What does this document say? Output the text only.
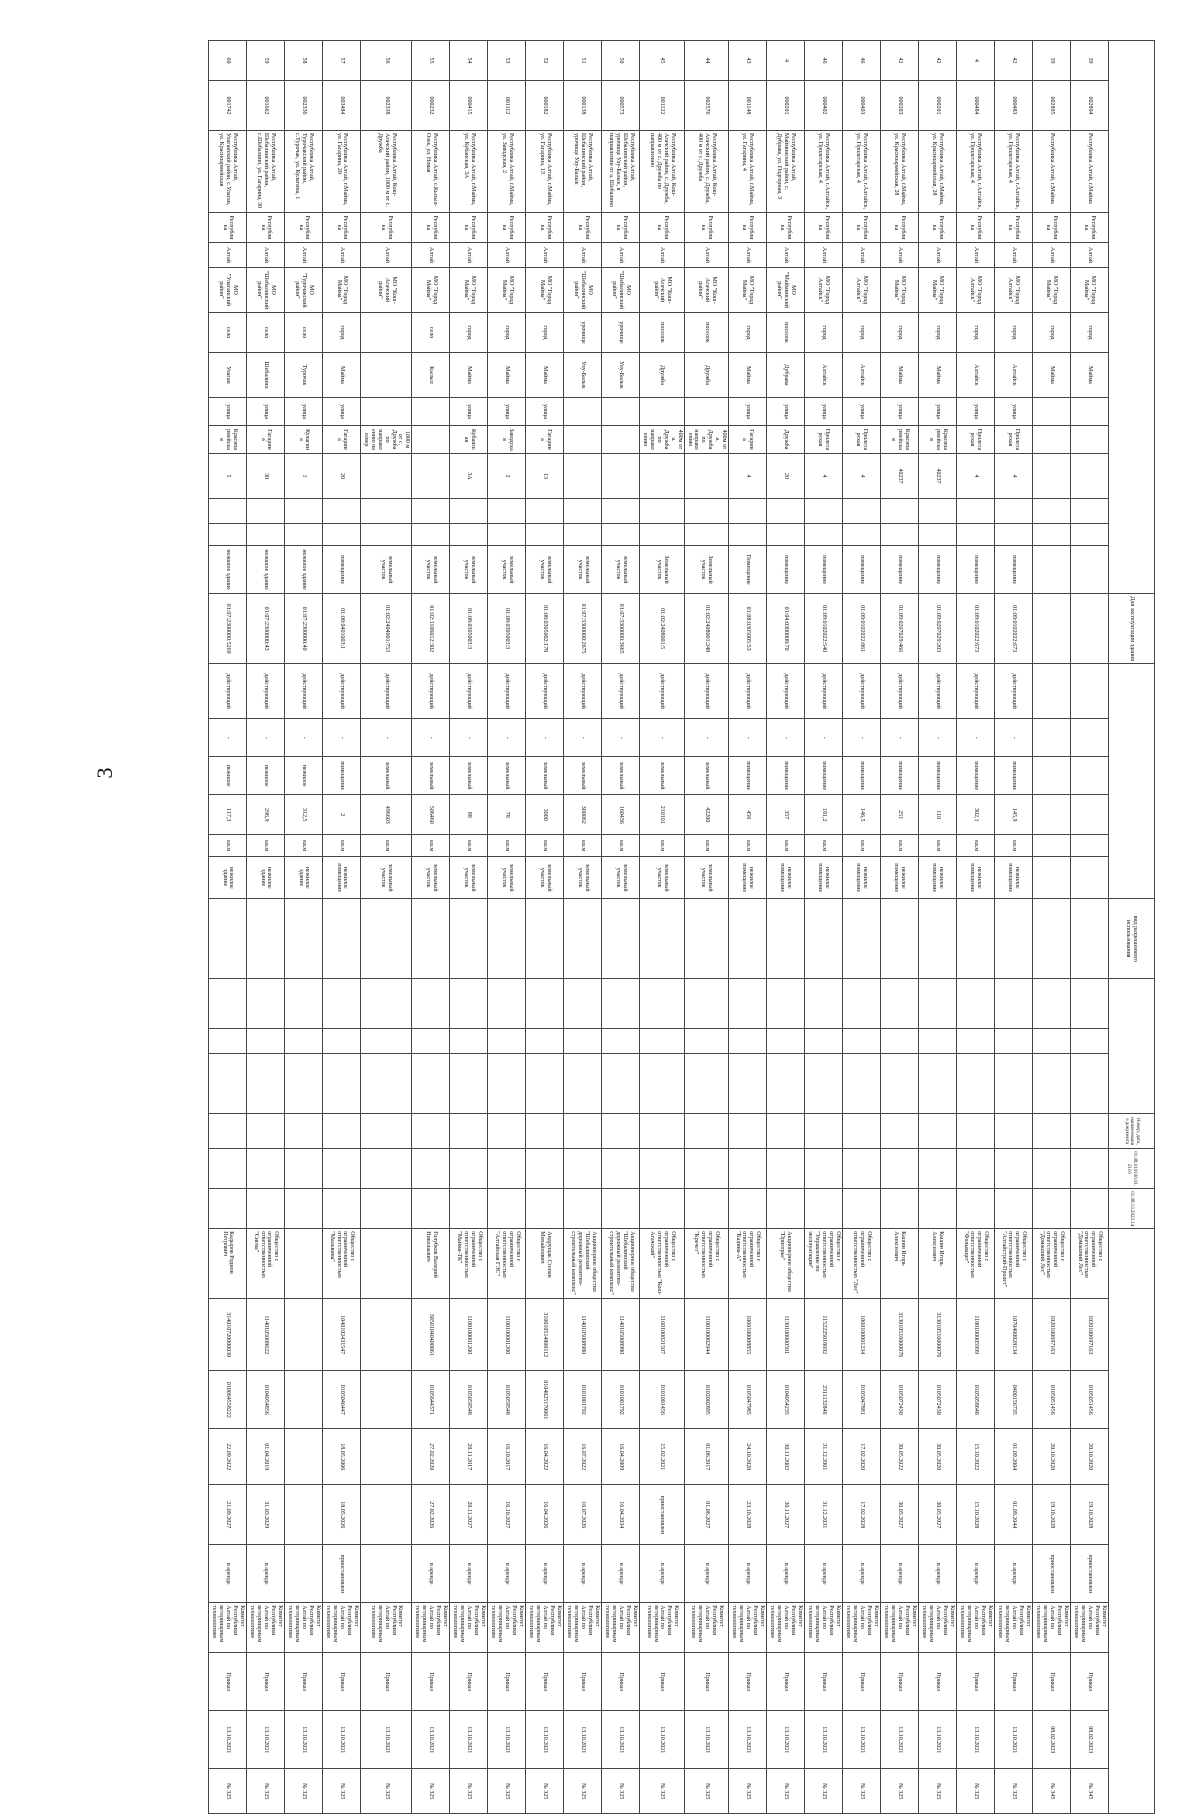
3
														Для эксплуатации здания							вид разрешенного использования				Номер, дата, наименование документа	01.08.010100.01.2110	01.08.13.2022.14										
39	002894	Республика Алтай, г.Майма	Республика	Алтай	МО "Город Майма"	город	Майма																					Общество с ограниченной ответственностью "Домашний Лес"	1020100697163	0105051456	20.10.2020	19.10.2028	приостановлен	Комитет Республики Алтай по ветеринарным технологиям	Приказ	08.02.2023	№ 345
39	002895	Республика Алтай, г.Майма	Республика	Алтай	МО "Город Майма"	город	Майма																					Общество с ограниченной ответственностью "Домашний Лес"	1020100697163	0105051456	20.10.2020	19.10.2028	приостановлен	Комитет Республики Алтай по ветеринарным технологиям	Приказ	08.02.2023	№ 345
42	000483	Республика Алтай, г.Алтайск, ул. Пролетарская, 4	Республика	Алтай	МО "Город Алтайск"	город	Алтайск	улица	Пролетарская	4			помещение	01:09:0102022:673	действующий	-	помещение	145,9	кв.м	нежилое помещение								Общество с ограниченной ответственностью "Алтайстрой-Пролет"	1070400028134	0400156735	01.09.2004	01.09.2044	в аренде	Комитет Республики Алтай по ветеринарным технологиям	Приказ	13.10.2021	№ 325
4	000484	Республика Алтай, г.Алтайск, ул. Пролетарская, 4	Республика	Алтай	МО "Город Алтайск"	город	Алтайск	улица	Пролетарская	4			помещение	01:09:0102022:673	действующий	-	помещение	302,1	кв.м	нежилое помещение								Общество с ограниченной ответственностью "Фольвацет"	1180100005999	0105058648	15.10.2022	15.10.2028	в аренде	Комитет Республики Алтай по ветеринарным технологиям	Приказ	13.10.2021	№ 325
42	000201	Республика Алтай, г.Майма, ул. Красноармейская, 28	Республика	Алтай	МО "Город Майма"	город	Майма	улица	Красноармейская	40237			помещение	01:09:0207029:203	действующий	-	помещение	110	кв.м	нежилое помещение								Кашин Игорь Алексеевич	313010516000076	0105072430	30.05.2020	30.05.2027	в аренде	Комитет Республики Алтай по ветеринарным технологиям	Приказ	13.10.2021	№ 325
42	000203	Республика Алтай, г.Майма, ул. Красноармейская, 28	Республика	Алтай	МО "Город Майма"	город	Майма	улица	Красноармейская	40237			помещение	01:09:0207029:466	действующий	-	помещение	251	кв.м	нежилое помещение								Кашин Игорь Алексеевич	313010516000076	0105072430	30.05.2022	30.05.2027	в аренде	Комитет Республики Алтай по ветеринарным технологиям	Приказ	13.10.2021	№ 325
46	000403	Республика Алтай, г.Алтайск, ул. Пролетарская, 4	Республика	Алтай	МО "Город Алтайск"	город	Алтайск	улица	Пролетарская	4			помещение	01:09:0102022:861	действующий	-	помещение	146,5	кв.м	нежилое помещение								Общество с ограниченной ответственностью "Лес"	1060100001234	0105047881	17.02.2020	17.02.2028	в аренде	Комитет Республики Алтай по ветеринарным технологиям	Приказ	13.10.2021	№ 325
46	000402	Республика Алтай, г.Алтайск, ул. Пролетарская, 4	Республика	Алтай	МО "Город Алтайск"	город	Алтайск	улица	Пролетарская	4			помещение	01:09:0102022:540	действующий	-	помещение	181,2	кв.м	нежилое помещение								Общество с ограниченной ответственностью "Управление по эксплуатации"	1152225018692	2311132846	31.12.2001	31.12.2031	в аренде	Комитет Республики Алтай по ветеринарным технологиям	Приказ	13.10.2021	№ 325
4	000201	Республика Алтай, Майминский район, с. Дубрава, ул. Подгорная, 3	Республика	Алтай	МО "Майминский район"	поселок	Дубрава	улица	Дружба	20			помещение	01:04:0300008:70	действующий	-	помещение	357	кв.м	нежилое помещение								Акционерное общество "Пригорье"	1130100000501	0104054235	30.11.2002	30.11.2027	в аренде	Комитет Республики Алтай по ветеринарным технологиям	Приказ	13.10.2021	№ 325
43	001148	Республика Алтай, г.Майма, ул. Гагарина, 4	Республика	Алтай	МО "Город Майма"	город	Майма	улица	Гагарина	4			Помещение	01:08:0305005:53	действующий	-	помещение	456	кв.м	нежилое помещение								Общество с ограниченной ответственностью "Калина-А"	1060100008855	0105047985	24.10.2020	23.10.2028	в аренде	Комитет Республики Алтай по ветеринарным технологиям	Приказ	13.10.2021	№ 325
44	002576	Республика Алтай, Кош-Агачский район, с. Дружба, 400 м от с. Дружба	Республика	Алтай	МО "Кош-Агачский район"	поселок	Дружба		400м от а. Дружба по направлению				Земельный участок	01:02:2408001:248	действующий	-	земельный	42200	кв.м	земельный участок								Общество с ограниченной ответственностью "Кречет"	1100100002944	0102002895	01.06.2017	01.06.2027	в аренде	Комитет Республики Алтай по ветеринарным технологиям	Приказ	13.10.2021	№ 325
45	001122	Республика Алтай, Кош-Агачский район, с. Дружба, 400 м от с. Дружба по направлению	Республика	Алтай	МО "Кош-Агачский район"	поселок	Дружба		400м от а. Дружба по направлению				Земельный участок	01:02:2408001:5	действующий	-	земельный	210101	кв.м	земельный участок								Общество с ограниченной ответственностью "Кош-Агачский"	1160100021507	0101001456	15.02.2021	приостановлен	в аренде	Комитет Республики Алтай по ветеринарным технологиям	Приказ	13.10.2021	№ 325
50	000573	Республика Алтай, Шебалинский район, урочище Улу-Балык, в направлении от а. Шебалино	Республика	Алтай	МО "Шебалинский район"	урочище	Улу-Балык						земельный участок	01:07:3300000:3665	действующий	-	земельный	160436	кв.м	земельный участок								Акционерное общество "Шебалинский дорожный ремонтно-строительный комплекс"	1140105008980	0101001792	16.04.2009	16.04.2034	в аренде	Комитет Республики Алтай по ветеринарным технологиям	Приказ	13.10.2021	№ 325
51	000138	Республика Алтай, Шебалинский район, урочище Улу-Балык	Республика	Алтай	МО "Шебалинский район"	урочище	Улу-Балык						земельный участок	01:07:3300000:2675	действующий	-	земельный	300062	кв.м	земельный участок								Акционерное общество "Шебалинский дорожный ремонтно-строительный комплекс"	1140105008980	0101001792	16.07.2022	16.07.2026	в аренде	Комитет Республики Алтай по ветеринарным технологиям	Приказ	13.10.2021	№ 325
52	000182	Республика Алтай, г.Майма, ул. Гагарина, 13	Республика	Алтай	МО "Город Майма"	город	Майма	улица	Гагарина	13			земельный участок	01:08:0305002:178	действующий	-	земельный	3000	кв.м	земельный участок								Андрущак Степан Михайлович	310010514800112	0104025170061	16.04.2022	16.04.2026	в аренде	Комитет Республики Алтай по ветеринарным технологиям	Приказ	13.10.2021	№ 325
53	001112	Республика Алтай, г.Майма, ул. Заводская, 2	Республика	Алтай	МО "Город Майма"	город	Майма	улица	Заводская	2			земельный участок	01:08:0305003:3	действующий	-	земельный	78	кв.м	земельный участок								Общество с ограниченной ответственностью "Алтайская ГЭС"	1100100001200	0105059548	16.10.2017	16.10.2027	в аренде	Комитет Республики Алтай по ветеринарным технологиям	Приказ	13.10.2021	№ 325
54	000415	Республика Алтай, г.Майма, ул. Кубанская, 3А	Республика	Алтай	МО "Город Майма"	город	Майма	улица	Кубанская	3А			земельный участок	01:08:0305003:3	действующий	-	земельный	88	кв.м	земельный участок								Общество с ограниченной ответственностью "Майма-ТК"	1100100001200	0105059548	20.11.2017	20.11.2027	в аренде	Комитет Республики Алтай по ветеринарным технологиям	Приказ	13.10.2021	№ 325
55	000232	Республика Алтай, с.Кызыл-Озек, ул. Новая	Республика	Алтай	МО "Город Майма"	село	Кызыл						земельный участок	01:02:1106012:302	действующий	-	земельный	506460	кв.м	земельный участок								Голубков Валерий Николаевич	30501040400061	0105644371	27.02.2020	27.02.2026	в аренде	Комитет Республики Алтай по ветеринарным технологиям	Приказ	13.10.2021	№ 325
56	002338	Республика Алтай, Кош-Агачский район, 1000 м от с. Дружба	Республика	Алтай	МО "Кош-Агачский район"				1000 м от с. Дружба по направлению на север				земельный участок	01:02:2404001:753	действующий	-	земельный	496603	кв.м	земельный участок														Комитет Республики Алтай по ветеринарным технологиям	Приказ	13.10.2021	№ 325
57	003484	Республика Алтай, г.Майма, ул. Гагарина, 20	Республика	Алтай	МО "Город Майма"	город	Майма	улица	Гагарина	20			помещение	01:08:0401003:1	действующий	-	помещение	2	кв.м	нежилое помещение								Общество с ограниченной ответственностью "Мальвина"	1040102431547	0105046447	18.05.2006	18.05.2026	приостановлен	Комитет Республики Алтай по ветеринарным технологиям	Приказ	13.10.2021	№ 325
58	002336	Республика Алтай, Турочакский район, с.Турочак, ул. Кулагина, 1	Республика	Алтай	МО "Турочакский район"	село	Турочак	улица	Кулагина	1			нежилое здание	01:07:2300000:40	действующий	-	нежилое	312,5	кв.м	нежилое здание														Комитет Республики Алтай по ветеринарным технологиям	Приказ	13.10.2021	№ 325
59	001662	Республика Алтай, Шебалинский район, с.Шебалино, ул. Гагарина, 30	Республика	Алтай	МО "Шебалинский район"	село	Шебалино	улица	Гагарина	30			нежилое здание	01:07:2300000:43	действующий	-	нежилое	296,9	кв.м	нежилое здание								Общество с ограниченной ответственностью "Сигма"	1140105008622	0104054856	01.04.2019	31.03.2029	в аренде	Комитет Республики Алтай по ветеринарным технологиям	Приказ	13.10.2021	№ 325
60	001742	Республика Алтай, Улаганский район, с.Улаган, ул. Красноармейская	Республика	Алтай	МО "Улаганский район"	село	Улаган	улица	Красноармейская	5			нежилое здание	01:07:2300000:5269	действующий	-	нежилое	117,3	кв.м	нежилое здание								Кадыров Родион Петрович	314010720000030	010064558222	22.09.2022	21.09.2027	в аренде	Комитет Республики Алтай по ветеринарным технологиям	Приказ	13.10.2021	№ 325
